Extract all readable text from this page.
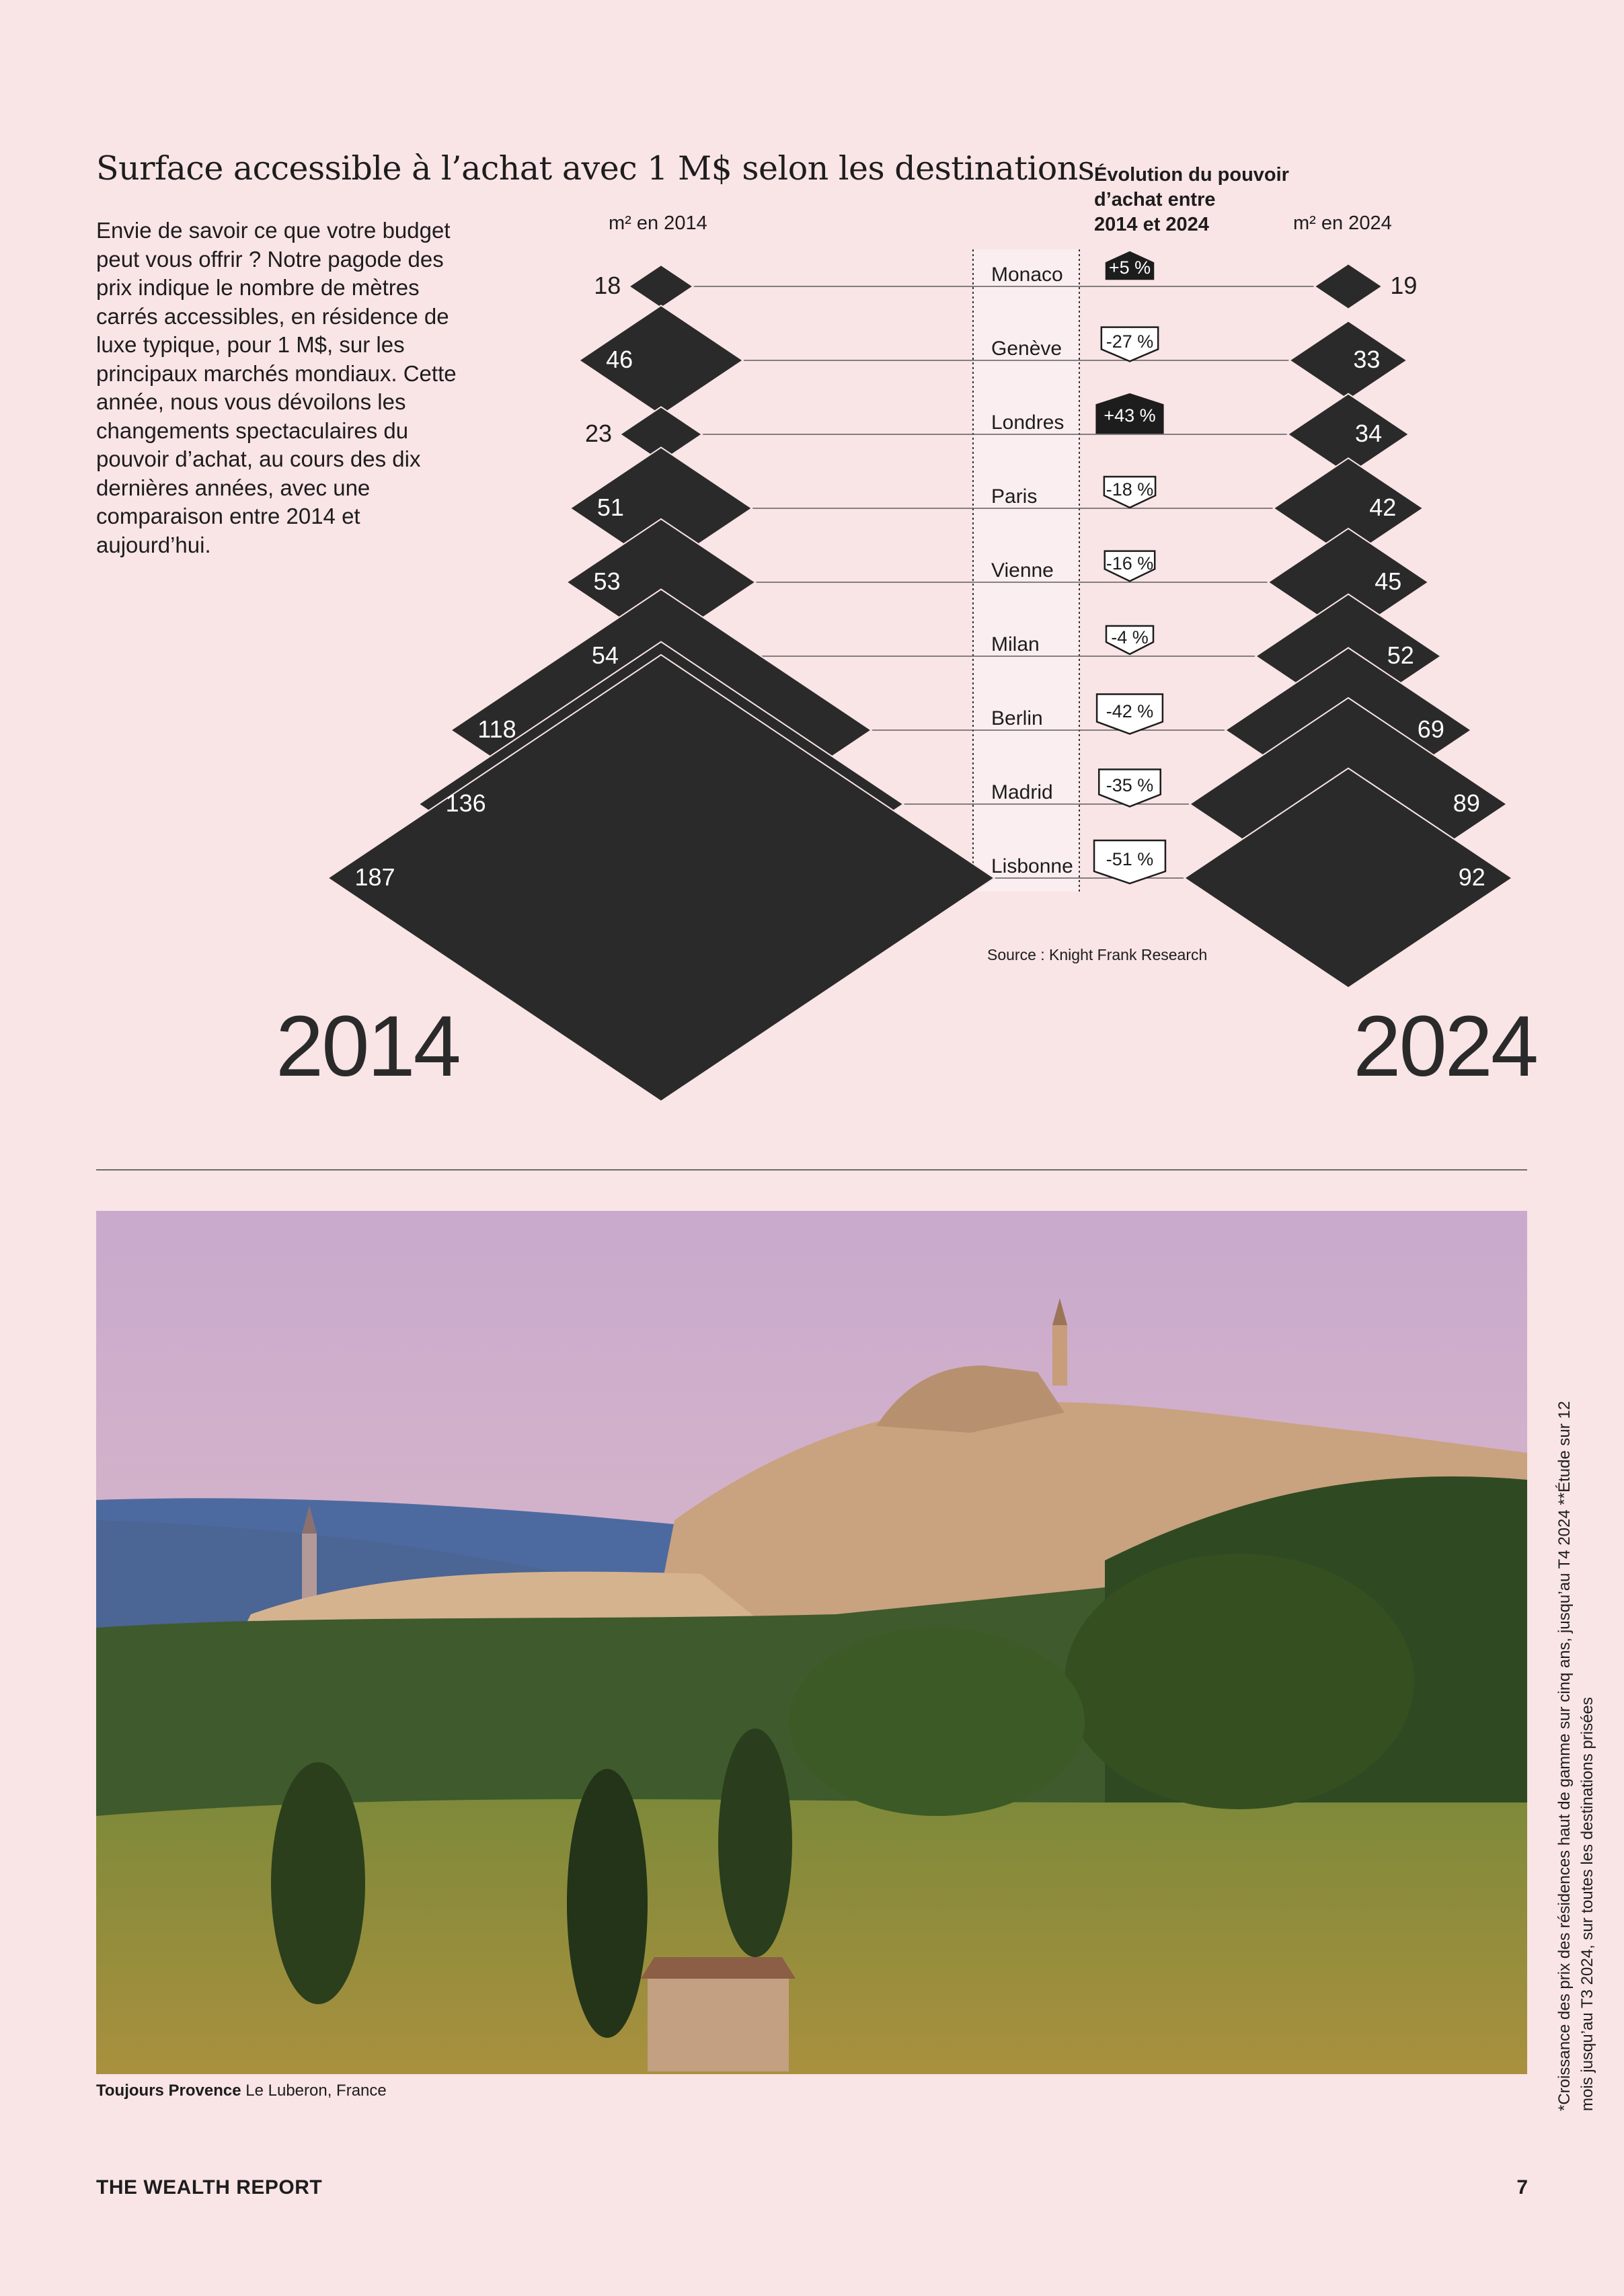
Surface accessible à l’achat avec 1 M$ selon les destinations

Envie de savoir ce que votre budget peut vous offrir ? Notre pagode des prix indique le nombre de mètres carrés accessibles, en résidence de luxe typique, pour 1 M$, sur les principaux marchés mondiaux. Cette année, nous vous dévoilons les changements spectaculaires du pouvoir d’achat, au cours des dix dernières années, avec une comparaison entre 2014 et aujourd’hui.

m² en 2014	m² en 2024
Évolution du pouvoir
d’achat entre
2014 et 2024
Monaco
18	19
+5 %
Genève
46	33
-27 %
Londres
23	34
+43 %
Paris
51	42
-18 %
Vienne
53	45
-16 %
Milan
54	52
-4 %
Berlin
118	69
-42 %
Madrid
136	89
-35 %
Lisbonne
187	92
-51 %
Source : Knight Frank Research
2014	2024
Toujours Provence Le Luberon, France	*Croissance des prix des résidences haut de gamme sur cinq ans, jusqu’au T4 2024 **Étude sur 12 mois jusqu’au T3 2024, sur toutes les destinations prisées
THE WEALTH REPORT	7
